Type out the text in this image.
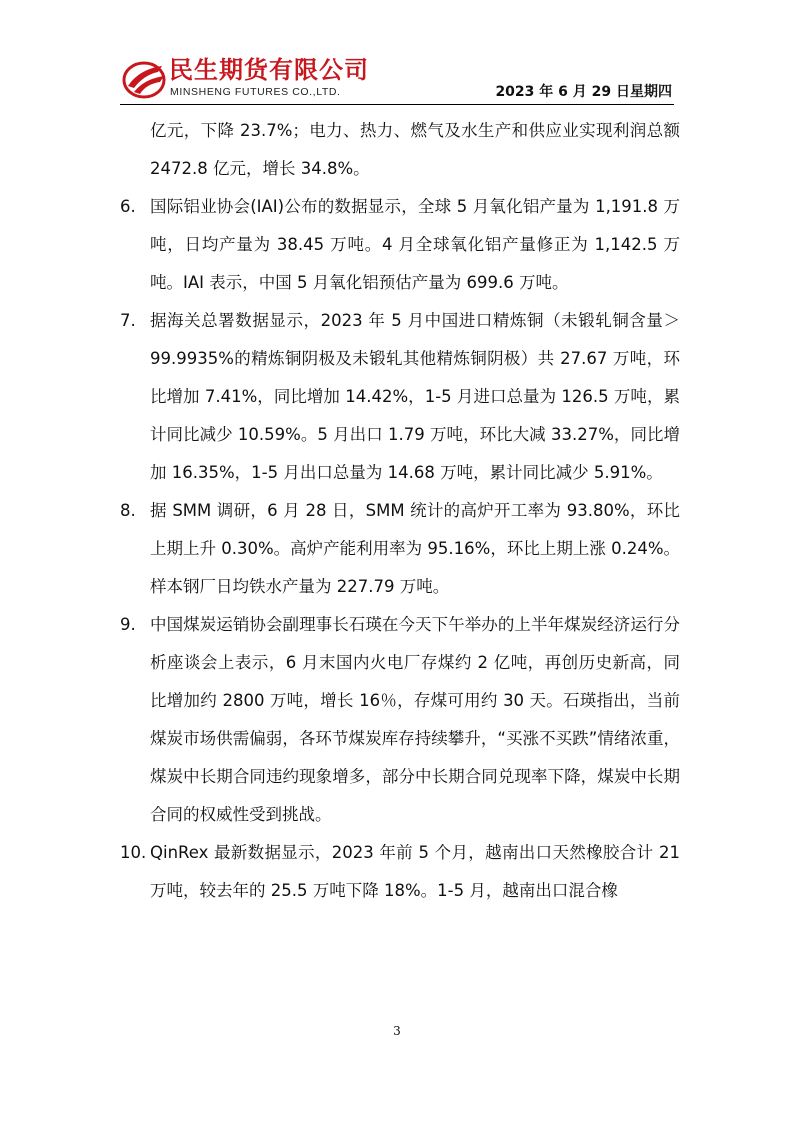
民生期货有限公司
MINSHENG FUTURES CO.,LTD.	2023 年 6 月 29 日星期四

亿元，下降 23.7%；电力、热力、燃气及水生产和供应业实现利润总额 2472.8 亿元，增长 34.8%。

6. 国际铝业协会(IAI)公布的数据显示，全球 5 月氧化铝产量为 1,191.8 万吨，日均产量为 38.45 万吨。4 月全球氧化铝产量修正为 1,142.5 万吨。IAI 表示，中国 5 月氧化铝预估产量为 699.6 万吨。
7. 据海关总署数据显示，2023 年 5 月中国进口精炼铜（未锻轧铜含量＞99.9935%的精炼铜阴极及未锻轧其他精炼铜阴极）共 27.67 万吨，环比增加 7.41%，同比增加 14.42%，1-5 月进口总量为 126.5 万吨，累计同比减少 10.59%。5 月出口 1.79 万吨，环比大减 33.27%，同比增加 16.35%，1-5 月出口总量为 14.68 万吨，累计同比减少 5.91%。
8. 据 SMM 调研，6 月 28 日，SMM 统计的高炉开工率为 93.80%，环比上期上升 0.30%。高炉产能利用率为 95.16%，环比上期上涨 0.24%。样本钢厂日均铁水产量为 227.79 万吨。
9. 中国煤炭运销协会副理事长石瑛在今天下午举办的上半年煤炭经济运行分析座谈会上表示，6 月末国内火电厂存煤约 2 亿吨，再创历史新高，同比增加约 2800 万吨，增长 16％，存煤可用约 30 天。石瑛指出，当前煤炭市场供需偏弱，各环节煤炭库存持续攀升，“买涨不买跌”情绪浓重，煤炭中长期合同违约现象增多，部分中长期合同兑现率下降，煤炭中长期合同的权威性受到挑战。
10. QinRex 最新数据显示，2023 年前 5 个月，越南出口天然橡胶合计 21 万吨，较去年的 25.5 万吨下降 18%。1-5 月，越南出口混合橡
3
